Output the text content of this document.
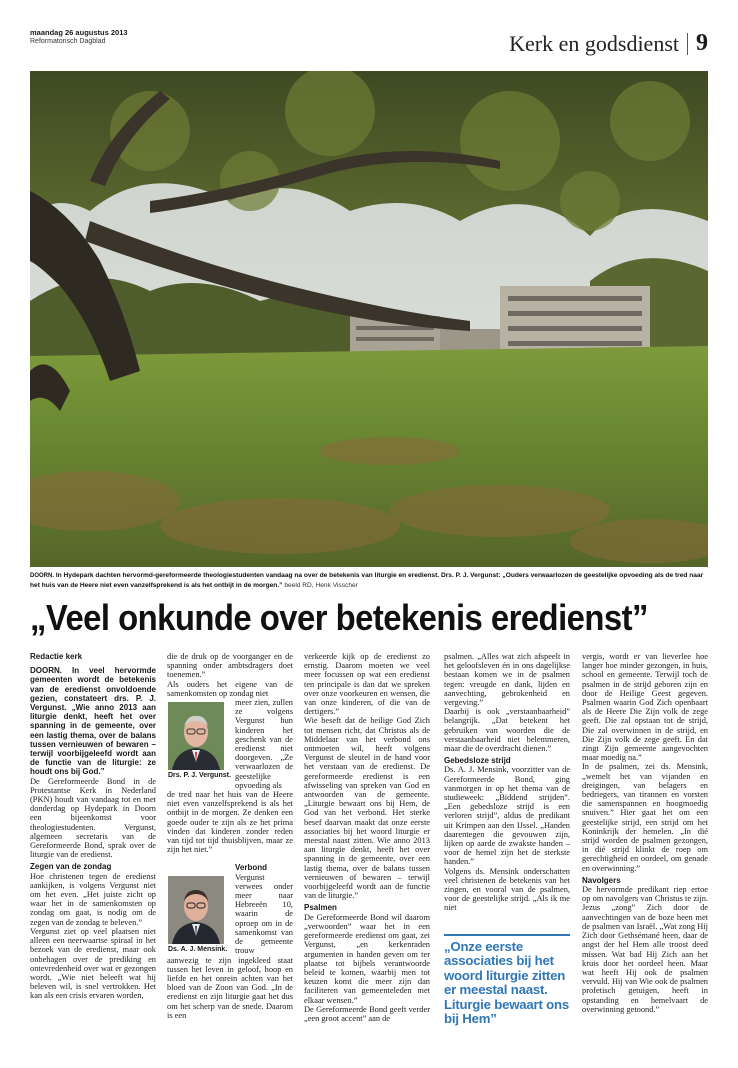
maandag 26 augustus 2013
Reformatorisch Dagblad	Kerk en godsdienst 9
DOORN. In Hydepark dachten hervormd-gereformeerde theologiestudenten vandaag na over de betekenis van liturgie en eredienst. Drs. P. J. Vergunst: „Ouders verwaarlozen de geestelijke opvoeding als de tred naar het huis van de Heere niet even vanzelfsprekend is als het ontbijt in de morgen.” beeld RD, Henk Visscher
„Veel onkunde over betekenis eredienst”
Redactie kerk

DOORN. In veel hervormde gemeenten wordt de betekenis van de eredienst onvoldoende gezien, constateert drs. P. J. Vergunst. „Wie anno 2013 aan liturgie denkt, heeft het over spanning in de gemeente, over een lastig thema, over de balans tussen vernieuwen of bewaren – terwijl voorbijgeleefd wordt aan de functie van de liturgie: ze houdt ons bij God.”

De Gereformeerde Bond in de Protestantse Kerk in Nederland (PKN) houdt van vandaag tot en met donderdag op Hydepark in Doorn een bijeenkomst voor theologiestudenten. Vergunst, algemeen secretaris van de Gereformeerde Bond, sprak over de liturgie van de eredienst.

Zegen van de zondag

Hoe christenen tegen de eredienst aankijken, is volgens Vergunst niet om het even. „Het juiste zicht op waar het in de samenkomsten op zondag om gaat, is nodig om de zegen van de zondag te beleven.”

Vergunst ziet op veel plaatsen niet alleen een neerwaartse spiraal in het bezoek van de eredienst, maar ook onbehagen over de prediking en ontevredenheid over wat er gezongen wordt. „Wie niet beleeft wat hij beleven wil, is snel vertrokken. Het kan als een crisis ervaren worden,

die de druk op de voorganger en de spanning onder ambtsdragers doet toenemen.”

Als ouders het eigene van de samenkomsten op zondag niet

meer zien, zullen ze volgens Vergunst hun kinderen het geschenk van de eredienst niet doorgeven. „Ze verwaarlozen de geestelijke opvoeding als

de tred naar het huis van de Heere niet even vanzelfsprekend is als het ontbijt in de morgen. Ze denken een goede ouder te zijn als ze het prima vinden dat kinderen zonder reden van tijd tot tijd thuisblijven, maar ze zijn het niet.”

Verbond

Vergunst verwees onder meer naar Hebreeën 10, waarin de oproep om in de samenkomst van de gemeente trouw

aanwezig te zijn ingekleed staat tussen het leven in geloof, hoop en liefde en het onrein achten van het bloed van de Zoon van God. „In de eredienst en zijn liturgie gaat het dus om het scherp van de snede. Daarom is een

Drs. P. J. Vergunst.
Ds. A. J. Mensink.

verkeerde kijk op de eredienst zo ernstig. Daarom moeten we veel meer focussen op wat een eredienst ten principale is dan dat we spreken over onze voorkeuren en wensen, die van onze kinderen, of die van de dertigers.”

Wie beseft dat de heilige God Zich tot mensen richt, dat Christus als de Middelaar van het verbond ons ontmoeten wil, heeft volgens Vergunst de sleutel in de hand voor het verstaan van de eredienst. De gereformeerde eredienst is een afwisseling van spreken van God en antwoorden van de gemeente. „Liturgie bewaart ons bij Hem, de God van het verbond. Het sterke besef daarvan maakt dat onze eerste associaties bij het woord liturgie er meestal naast zitten. Wie anno 2013 aan liturgie denkt, heeft het over spanning in de gemeente, over een lastig thema, over de balans tussen vernieuwen of bewaren – terwijl voorbijgeleefd wordt aan de functie van de liturgie.”

Psalmen

De Gereformeerde Bond wil daarom „verwoorden” waar het in een gereformeerde eredienst om gaat, zei Vergunst, „en kerkenraden argumenten in handen geven om ter plaatse tot bijbels verantwoorde beleid te komen, waarbij men tot keuzen komt die meer zijn dan faciliteren van gemeenteleden met elkaar wensen.”

De Gereformeerde Bond geeft verder „een groot accent” aan de

psalmen. „Alles wat zich afspeelt in het geloofsleven én in ons dagelijkse bestaan komen we in de psalmen tegen: vreugde en dank, lijden en aanvechting, gebrokenheid en vergeving.”

Daarbij is ook „verstaanbaarheid” belangrijk. „Dat betekent het gebruiken van woorden die de verstaanbaarheid niet belemmeren, maar die de overdracht dienen.”

Gebedsloze strijd

Ds. A. J. Mensink, voorzitter van de Gereformeerde Bond, ging vanmorgen in op het thema van de studieweek: „Biddend strijden”. „Een gebedsloze strijd is een verloren strijd”, aldus de predikant uit Krimpen aan den IJssel. „Handen daarentegen die gevouwen zijn, lijken op aarde de zwakste handen – voor de hemel zijn het de sterkste handen.”

Volgens ds. Mensink onderschatten veel christenen de betekenis van het zingen, en vooral van de psalmen, voor de geestelijke strijd. „Als ik me niet

„Onze eerste associaties bij het woord liturgie zitten er meestal naast. Liturgie bewaart ons bij Hem”

vergis, wordt er van lieverlee hoe langer hoe minder gezongen, in huis, school en gemeente. Terwijl toch de psalmen in de strijd geboren zijn en door de Heilige Geest gegeven. Psalmen waarin God Zich openbaart als de Heere Die Zijn volk de zege geeft. Die zal opstaan tot de strijd, Die zal overwinnen in de strijd, en Die Zijn volk de zege geeft. En dat zingt Zijn gemeente aangevochten maar moedig na.”

In de psalmen, zei ds. Mensink, „wemelt het van vijanden en dreigingen, van belagers en bedriegers, van tirannen en vorsten die samenspannen en hoogmoedig snuiven.” Hier gaat het om een geestelijke strijd, een strijd om het Koninkrijk der hemelen. „In dié strijd worden de psalmen gezongen, in dié strijd klinkt de roep om gerechtigheid en oordeel, om genade en overwinning.”

Navolgers

De hervormde predikant riep ertoe op om navolgers van Christus te zijn. Jezus „zong” Zich door de aanvechtingen van de boze heen met de psalmen van Israël. „Wat zong Hij Zich door Gethsémané heen, daar de angst der hel Hem alle troost deed missen. Wat bad Hij Zich aan het kruis door het oordeel heen. Maar wat heeft Hij ook de psalmen vervuld. Hij van Wie ook de psalmen profetisch getuigen, heeft in opstanding en hemelvaart de overwinning getoond.”
